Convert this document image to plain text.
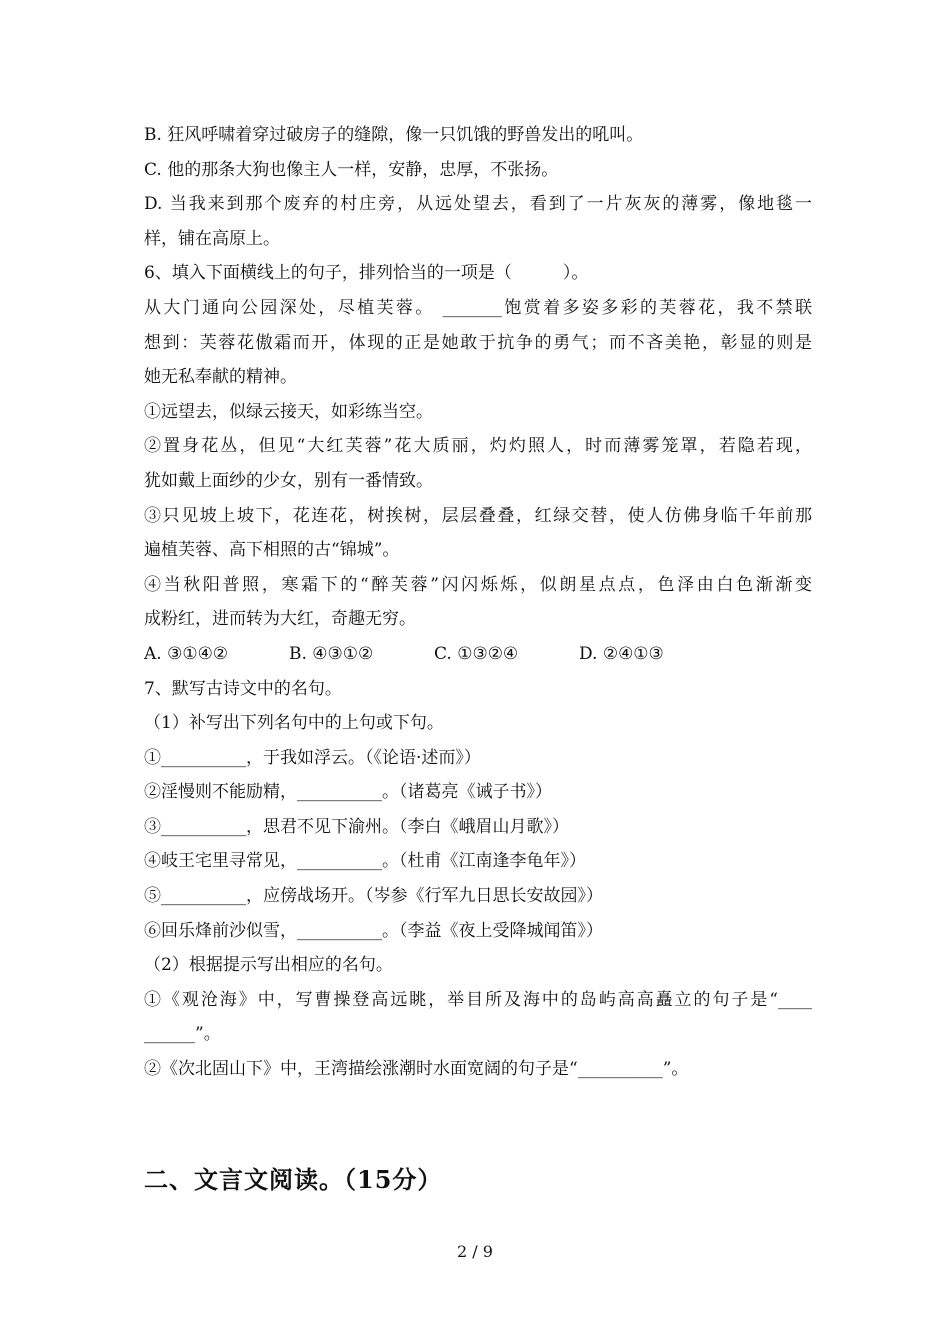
B. 狂风呼啸着穿过破房子的缝隙，像一只饥饿的野兽发出的吼叫。
C. 他的那条大狗也像主人一样，安静，忠厚，不张扬。
D. 当我来到那个废弃的村庄旁，从远处望去，看到了一片灰灰的薄雾，像地毯一
样，铺在高原上。
6、填入下面横线上的句子，排列恰当的一项是（　　　）。
从大门通向公园深处，尽植芙蓉。 _______饱赏着多姿多彩的芙蓉花，我不禁联
想到：芙蓉花傲霜而开，体现的正是她敢于抗争的勇气；而不吝美艳，彰显的则是
她无私奉献的精神。
①远望去，似绿云接天，如彩练当空。
②置身花丛，但见“大红芙蓉”花大质丽，灼灼照人，时而薄雾笼罩，若隐若现，
犹如戴上面纱的少女，别有一番情致。
③只见坡上坡下，花连花，树挨树，层层叠叠，红绿交替，使人仿佛身临千年前那
遍植芙蓉、高下相照的古“锦城”。
④当秋阳普照，寒霜下的“醉芙蓉”闪闪烁烁，似朗星点点，色泽由白色渐渐变
成粉红，进而转为大红，奇趣无穷。
A. ③①④②	B. ④③①②	C. ①③②④	D. ②④①③
7、默写古诗文中的名句。
（1）补写出下列名句中的上句或下句。
①__________，于我如浮云。（《论语·述而》）
②淫慢则不能励精，__________。（诸葛亮《诫子书》）
③__________，思君不见下渝州。（李白《峨眉山月歌》）
④岐王宅里寻常见，__________。（杜甫《江南逢李龟年》）
⑤__________，应傍战场开。（岑参《行军九日思长安故园》）
⑥回乐烽前沙似雪，__________。（李益《夜上受降城闻笛》）
（2）根据提示写出相应的名句。
①《观沧海》中，写曹操登高远眺，举目所及海中的岛屿高高矗立的句子是“____
______”。
②《次北固山下》中，王湾描绘涨潮时水面宽阔的句子是“__________”。
二、文言文阅读。（15分）
2 / 9
